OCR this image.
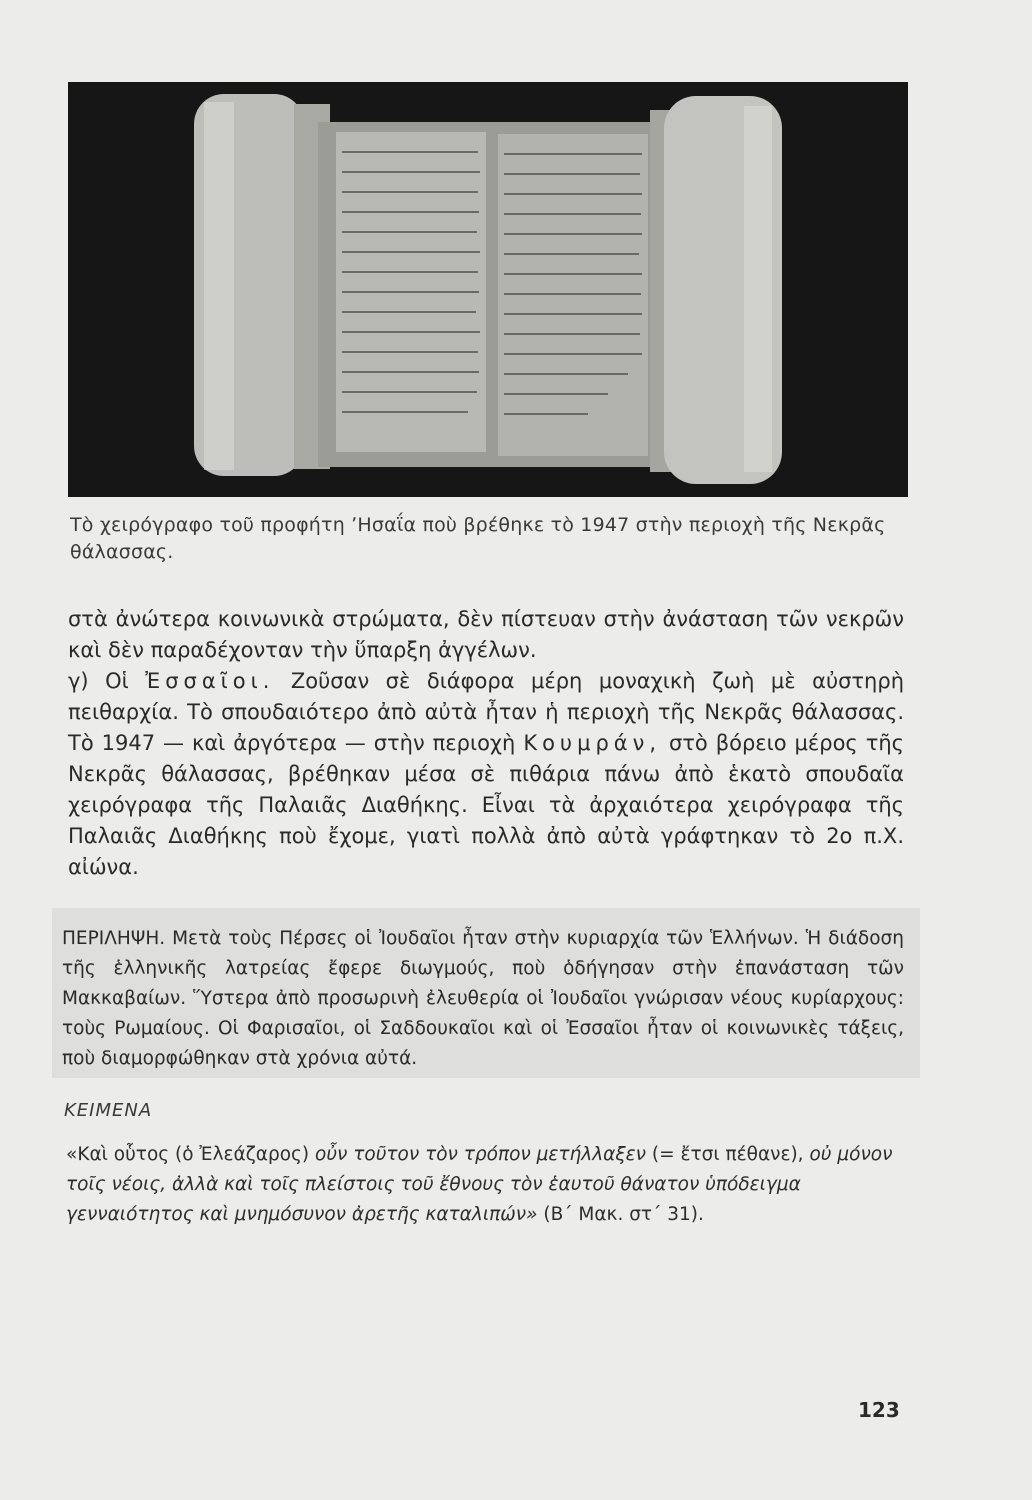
Τὸ χειρόγραφο τοῦ προφήτη ʼΗσαΐα ποὺ βρέθηκε τὸ 1947 στὴν περιοχὴ τῆς Νεκρᾶς θάλασσας.

στὰ ἀνώτερα κοινωνικὰ στρώματα, δὲν πίστευαν στὴν ἀνάσταση τῶν νεκρῶν καὶ δὲν παραδέχονταν τὴν ὕπαρξη ἀγγέλων.

γ) Οἱ Ἐσσαῖοι. Ζοῦσαν σὲ διάφορα μέρη μοναχικὴ ζωὴ μὲ αὐστηρὴ πειθαρχία. Τὸ σπουδαιότερο ἀπὸ αὐτὰ ἦταν ἡ περιοχὴ τῆς Νεκρᾶς θάλασσας. Τὸ 1947 — καὶ ἀργότερα — στὴν περιοχὴ Κουμράν, στὸ βόρειο μέρος τῆς Νεκρᾶς θάλασσας, βρέθηκαν μέσα σὲ πιθάρια πάνω ἀπὸ ἑκατὸ σπουδαῖα χειρόγραφα τῆς Παλαιᾶς Διαθήκης. Εἶναι τὰ ἀρχαιότερα χειρόγραφα τῆς Παλαιᾶς Διαθήκης ποὺ ἔχομε, γιατὶ πολλὰ ἀπὸ αὐτὰ γράφτηκαν τὸ 2ο π.Χ. αἰώνα.

ΠΕΡΙΛΗΨΗ. Μετὰ τοὺς Πέρσες οἱ Ἰουδαῖοι ἦταν στὴν κυριαρχία τῶν Ἑλλήνων. Ἡ διάδοση τῆς ἑλληνικῆς λατρείας ἔφερε διωγμούς, ποὺ ὁδήγησαν στὴν ἐπανάσταση τῶν Μακκαβαίων. Ὕστερα ἀπὸ προσωρινὴ ἐλευθερία οἱ Ἰουδαῖοι γνώρισαν νέους κυρίαρχους: τοὺς Ρωμαίους. Οἱ Φαρισαῖοι, οἱ Σαδδουκαῖοι καὶ οἱ Ἐσσαῖοι ἦταν οἱ κοινωνικὲς τάξεις, ποὺ διαμορφώθηκαν στὰ χρόνια αὐτά.
ΚΕΙΜΕΝΑ
«Καὶ οὗτος (ὁ Ἐλεάζαρος) οὖν τοῦτον τὸν τρόπον μετήλλαξεν (= ἔτσι πέθανε), οὐ μόνον τοῖς νέοις, ἀλλὰ καὶ τοῖς πλείστοις τοῦ ἔθνους τὸν ἑαυτοῦ θάνατον ὑπόδειγμα γενναιότητος καὶ μνημόσυνον ἀρετῆς καταλιπών» (Β΄ Μακ. στ΄ 31).
123
